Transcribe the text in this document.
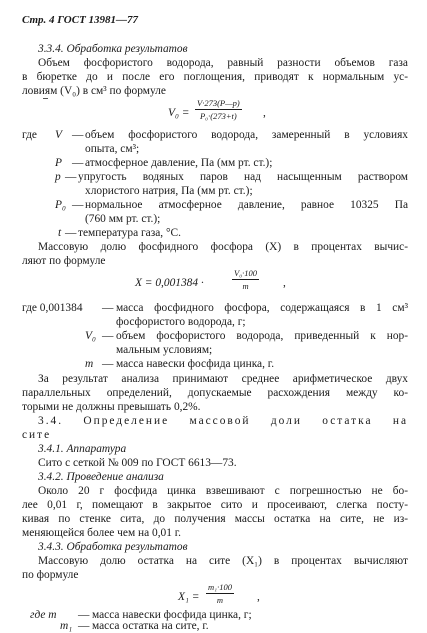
Стр. 4 ГОСТ 13981—77
3.3.4. Обработка результатов
Объем фосфористого водорода, равный разности объемов газа
в бюретке до и после его поглощения, приводят к нормальным ус-
ловиям (V₀) в см³ по формуле
$V_0 = \frac{V\cdot 273(P—p)}{\text{P₀·(273+t)}}$ ,
где V — объем фосфористого водорода, замеренный в условиях
опыта, см³;
P — атмосферное давление, Па (мм рт. ст.);
p — упругость водяных паров над насыщенным раствором
хлористого натрия, Па (мм рт. ст.);
P₀ — нормальное атмосферное давление, равное 10325 Па
(760 мм рт. ст.);
t — температура газа, °С.
Массовую долю фосфидного фосфора (X) в процентах вычис-
ляют по формуле
X = 0,001384 ·	$\frac{\text{V₀·100}}{m}$ ,
где 0,001384 — масса фосфидного фосфора, содержащаяся в 1 см³
фосфористого водорода, г;
V₀ — объем фосфористого водорода, приведенный к нор-
мальным условиям;
m — масса навески фосфида цинка, г.
За результат анализа принимают среднее арифметическое двух
параллельных определений, допускаемые расхождения между ко-
торыми не должны превышать 0,2%.
3.4. Определение массовой доли остатка на
сите
3.4.1. Аппаратура
Сито с сеткой № 009 по ГОСТ 6613—73.
3.4.2. Проведение анализа
Около 20 г фосфида цинка взвешивают с погрешностью не бо-
лее 0,01 г, помещают в закрытое сито и просеивают, слегка посту-
кивая по стенке сита, до получения массы остатка на сите, не из-
меняющейся более чем на 0,01 г.
3.4.3. Обработка результатов
Массовую долю остатка на сите (X₁) в процентах вычисляют
по формуле
$X_1 = \frac{\text{m₁·100}}{m}$ ,
где m — масса навески фосфида цинка, г;
m₁ — масса остатка на сите, г.
